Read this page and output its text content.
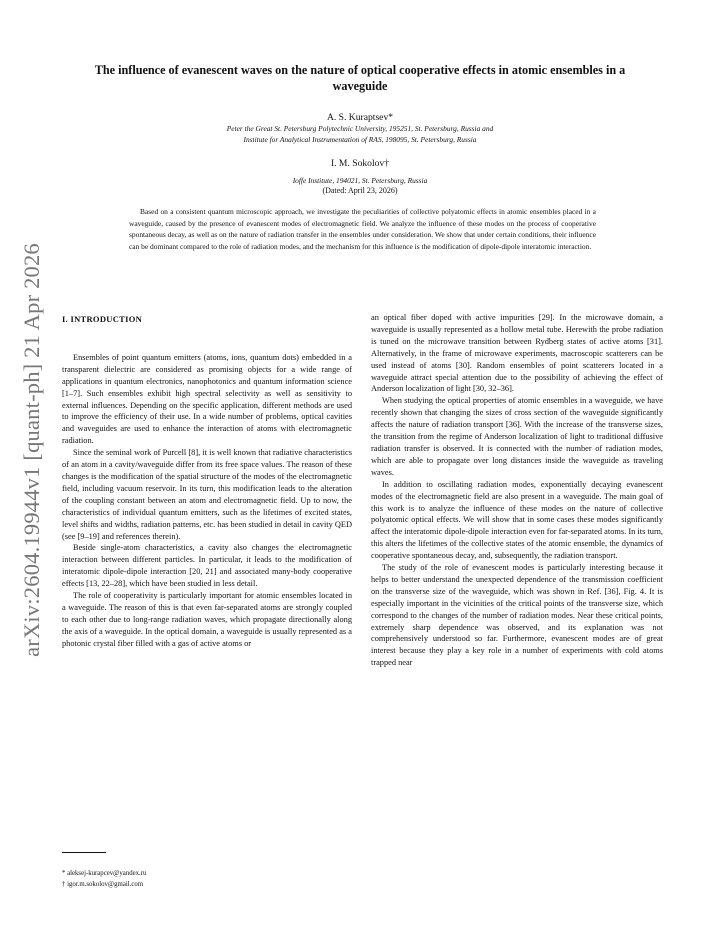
arXiv:2604.19944v1 [quant-ph] 21 Apr 2026
The influence of evanescent waves on the nature of optical cooperative effects in atomic ensembles in a waveguide

A. S. Kuraptsev*

Peter the Great St. Petersburg Polytechnic University, 195251, St. Petersburg, Russia and

Institute for Analytical Instrumentation of RAS, 198095, St. Petersburg, Russia

I. M. Sokolov†

Ioffe Institute, 194021, St. Petersburg, Russia

(Dated: April 23, 2026)

Based on a consistent quantum microscopic approach, we investigate the peculiarities of collective polyatomic effects in atomic ensembles placed in a waveguide, caused by the presence of evanescent modes of electromagnetic field. We analyze the influence of these modes on the process of cooperative spontaneous decay, as well as on the nature of radiation transfer in the ensembles under consideration. We show that under certain conditions, their influence can be dominant compared to the role of radiation modes, and the mechanism for this influence is the modification of dipole-dipole interatomic interaction.

I. INTRODUCTION

Ensembles of point quantum emitters (atoms, ions, quantum dots) embedded in a transparent dielectric are considered as promising objects for a wide range of applications in quantum electronics, nanophotonics and quantum information science [1–7]. Such ensembles exhibit high spectral selectivity as well as sensitivity to external influences. Depending on the specific application, different methods are used to improve the efficiency of their use. In a wide number of problems, optical cavities and waveguides are used to enhance the interaction of atoms with electromagnetic radiation.

Since the seminal work of Purcell [8], it is well known that radiative characteristics of an atom in a cavity/waveguide differ from its free space values. The reason of these changes is the modification of the spatial structure of the modes of the electromagnetic field, including vacuum reservoir. In its turn, this modification leads to the alteration of the coupling constant between an atom and electromagnetic field. Up to now, the characteristics of individual quantum emitters, such as the lifetimes of excited states, level shifts and widths, radiation patterns, etc. has been studied in detail in cavity QED (see [9–19] and references therein).

Beside single-atom characteristics, a cavity also changes the electromagnetic interaction between different particles. In particular, it leads to the modification of interatomic dipole-dipole interaction [20, 21] and associated many-body cooperative effects [13, 22–28], which have been studied in less detail.

The role of cooperativity is particularly important for atomic ensembles located in a waveguide. The reason of this is that even far-separated atoms are strongly coupled to each other due to long-range radiation waves, which propagate directionally along the axis of a waveguide. In the optical domain, a waveguide is usually represented as a photonic crystal fiber filled with a gas of active atoms or

an optical fiber doped with active impurities [29]. In the microwave domain, a waveguide is usually represented as a hollow metal tube. Herewith the probe radiation is tuned on the microwave transition between Rydberg states of active atoms [31]. Alternatively, in the frame of microwave experiments, macroscopic scatterers can be used instead of atoms [30]. Random ensembles of point scatterers located in a waveguide attract special attention due to the possibility of achieving the effect of Anderson localization of light [30, 32–36].

When studying the optical properties of atomic ensembles in a waveguide, we have recently shown that changing the sizes of cross section of the waveguide significantly affects the nature of radiation transport [36]. With the increase of the transverse sizes, the transition from the regime of Anderson localization of light to traditional diffusive radiation transfer is observed. It is connected with the number of radiation modes, which are able to propagate over long distances inside the waveguide as traveling waves.

In addition to oscillating radiation modes, exponentially decaying evanescent modes of the electromagnetic field are also present in a waveguide. The main goal of this work is to analyze the influence of these modes on the nature of collective polyatomic optical effects. We will show that in some cases these modes significantly affect the interatomic dipole-dipole interaction even for far-separated atoms. In its turn, this alters the lifetimes of the collective states of the atomic ensemble, the dynamics of cooperative spontaneous decay, and, subsequently, the radiation transport.

The study of the role of evanescent modes is particularly interesting because it helps to better understand the unexpected dependence of the transmission coefficient on the transverse size of the waveguide, which was shown in Ref. [36], Fig. 4. It is especially important in the vicinities of the critical points of the transverse size, which correspond to the changes of the number of radiation modes. Near these critical points, extremely sharp dependence was observed, and its explanation was not comprehensively understood so far. Furthermore, evanescent modes are of great interest because they play a key role in a number of experiments with cold atoms trapped near

* aleksej-kurapcev@yandex.ru
† igor.m.sokolov@gmail.com
